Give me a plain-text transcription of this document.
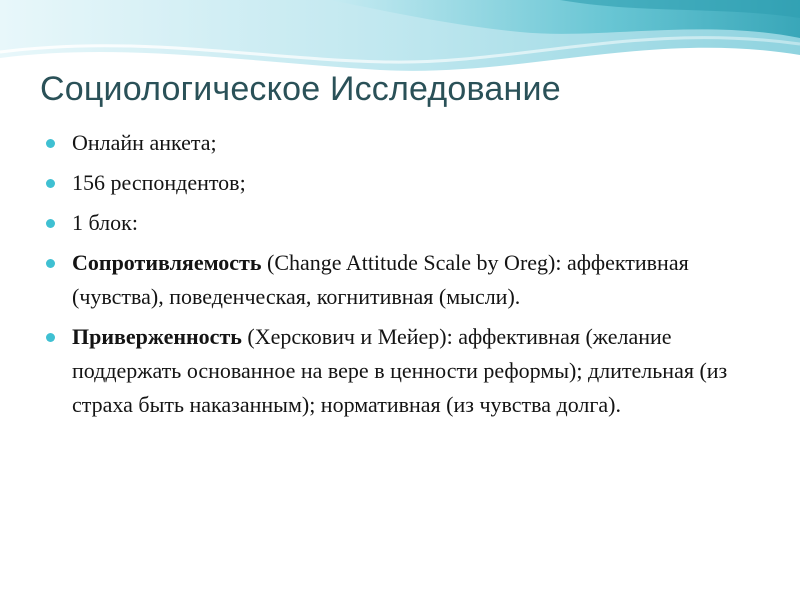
Социологическое Исследование
Онлайн анкета;
156 респондентов;
1 блок:
Сопротивляемость (Change Attitude Scale by Oreg): аффективная (чувства), поведенческая, когнитивная (мысли).
Приверженность (Херскович и Мейер): аффективная (желание поддержать основанное на вере в ценности реформы); длительная (из страха быть наказанным); нормативная (из чувства долга).
